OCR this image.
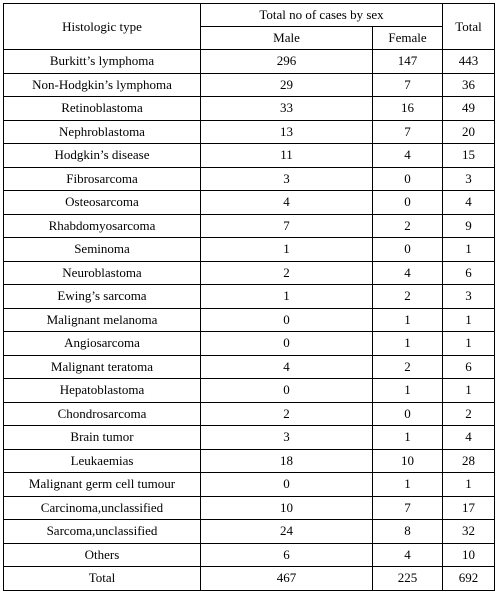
Histologic type	Total no of cases by sex		Total
	Male	Female	
Burkitt’s lymphoma	296	147	443
Non-Hodgkin’s lymphoma	29	7	36
Retinoblastoma	33	16	49
Nephroblastoma	13	7	20
Hodgkin’s disease	11	4	15
Fibrosarcoma	3	0	3
Osteosarcoma	4	0	4
Rhabdomyosarcoma	7	2	9
Seminoma	1	0	1
Neuroblastoma	2	4	6
Ewing’s sarcoma	1	2	3
Malignant melanoma	0	1	1
Angiosarcoma	0	1	1
Malignant teratoma	4	2	6
Hepatoblastoma	0	1	1
Chondrosarcoma	2	0	2
Brain tumor	3	1	4
Leukaemias	18	10	28
Malignant germ cell tumour	0	1	1
Carcinoma,unclassified	10	7	17
Sarcoma,unclassified	24	8	32
Others	6	4	10
Total	467	225	692
